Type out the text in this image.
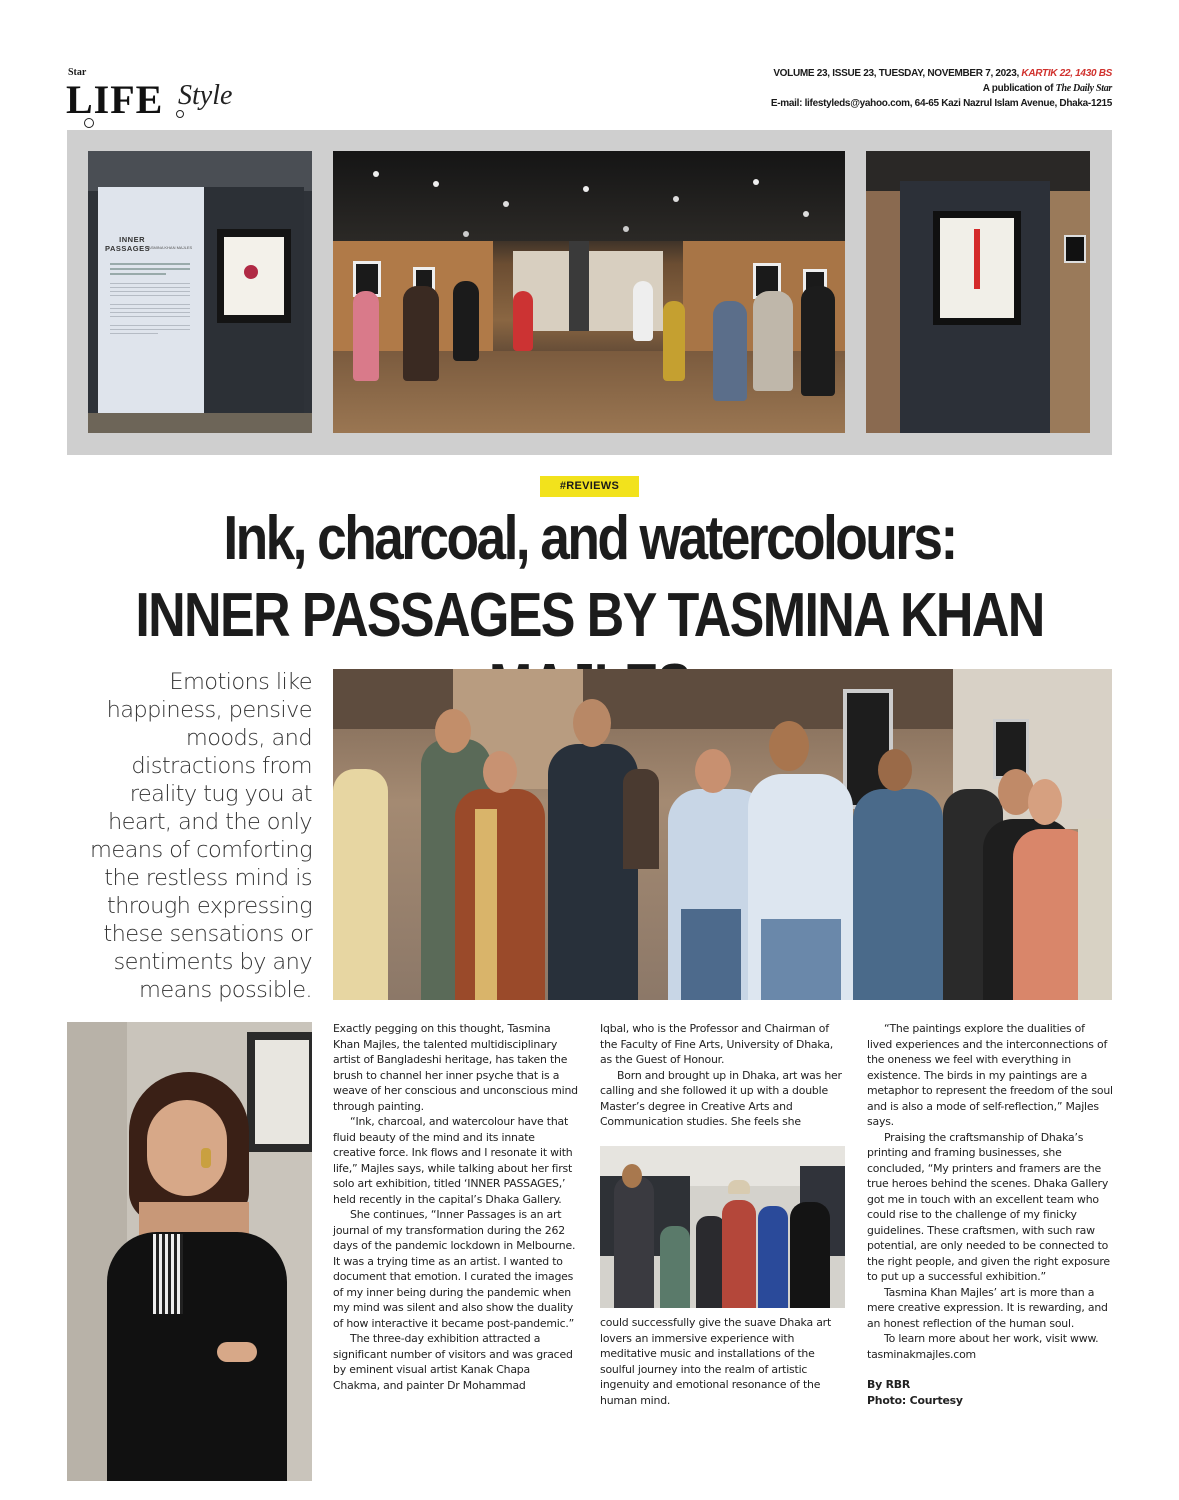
Star
LIFE Style
VOLUME 23, ISSUE 23, TUESDAY, NOVEMBER 7, 2023, KARTIK 22, 1430 BS
A publication of The Daily Star
E-mail: lifestyleds@yahoo.com, 64-65 Kazi Nazrul Islam Avenue, Dhaka-1215
INNER PASSAGES
TASMINA KHAN MAJLES
#REVIEWS
Ink, charcoal, and watercolours:
INNER PASSAGES BY TASMINA KHAN
Emotions like happiness, pensive moods, and distractions from reality tug you at heart, and the only means of comforting the restless mind is through expressing these sensations or sentiments by any means possible.

Exactly pegging on this thought, Tasmina Khan Majles, the talented multidisciplinary artist of Bangladeshi heritage, has taken the brush to channel her inner psyche that is a weave of her conscious and unconscious mind through painting.

“Ink, charcoal, and watercolour have that fluid beauty of the mind and its innate creative force. Ink flows and I resonate it with life,” Majles says, while talking about her first solo art exhibition, titled ‘INNER PASSAGES,’ held recently in the capital’s Dhaka Gallery.

She continues, “Inner Passages is an art journal of my transformation during the 262 days of the pandemic lockdown in Melbourne. It was a trying time as an artist. I wanted to document that emotion. I curated the images of my inner being during the pandemic when my mind was silent and also show the duality of how interactive it became post-pandemic.”

The three-day exhibition attracted a significant number of visitors and was graced by eminent visual artist Kanak Chapa Chakma, and painter Dr Mohammad

Iqbal, who is the Professor and Chairman of the Faculty of Fine Arts, University of Dhaka, as the Guest of Honour.

Born and brought up in Dhaka, art was her calling and she followed it up with a double Master’s degree in Creative Arts and Communication studies. She feels she

could successfully give the suave Dhaka art lovers an immersive experience with meditative music and installations of the soulful journey into the realm of artistic ingenuity and emotional resonance of the human mind.

“The paintings explore the dualities of lived experiences and the interconnections of the oneness we feel with everything in existence. The birds in my paintings are a metaphor to represent the freedom of the soul and is also a mode of self-reflection,” Majles says.

Praising the craftsmanship of Dhaka’s printing and framing businesses, she concluded, “My printers and framers are the true heroes behind the scenes. Dhaka Gallery got me in touch with an excellent team who could rise to the challenge of my finicky guidelines. These craftsmen, with such raw potential, are only needed to be connected to the right people, and given the right exposure to put up a successful exhibition.”

Tasmina Khan Majles’ art is more than a mere creative expression. It is rewarding, and an honest reflection of the human soul.

To learn more about her work, visit www. tasminakmajles.com

By RBR

Photo: Courtesy
